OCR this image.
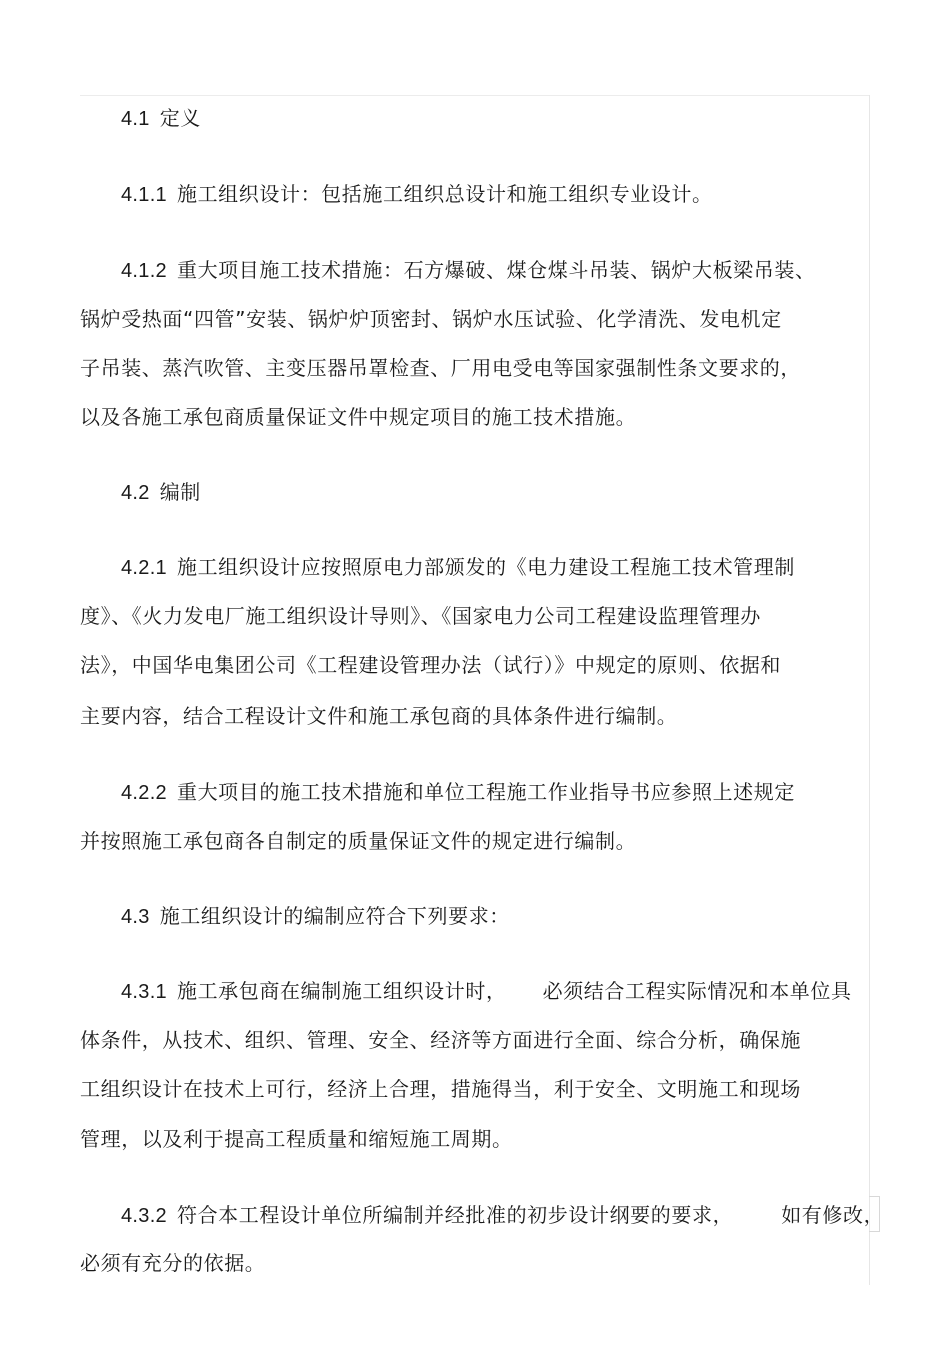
4.1 定义

4.1.1 施工组织设计：包括施工组织总设计和施工组织专业设计。

4.1.2 重大项目施工技术措施：石方爆破、煤仓煤斗吊装、锅炉大板梁吊装、

锅炉受热面“四管”安装、锅炉炉顶密封、锅炉水压试验、化学清洗、发电机定

子吊装、蒸汽吹管、主变压器吊罩检查、厂用电受电等国家强制性条文要求的，

以及各施工承包商质量保证文件中规定项目的施工技术措施。

4.2 编制

4.2.1 施工组织设计应按照原电力部颁发的《电力建设工程施工技术管理制

度》、《火力发电厂施工组织设计导则》、《国家电力公司工程建设监理管理办

法》，中国华电集团公司《工程建设管理办法（试行）》中规定的原则、依据和

主要内容，结合工程设计文件和施工承包商的具体条件进行编制。

4.2.2 重大项目的施工技术措施和单位工程施工作业指导书应参照上述规定

并按照施工承包商各自制定的质量保证文件的规定进行编制。

4.3 施工组织设计的编制应符合下列要求：

4.3.1 施工承包商在编制施工组织设计时， 必须结合工程实际情况和本单位具

体条件，从技术、组织、管理、安全、经济等方面进行全面、综合分析，确保施

工组织设计在技术上可行，经济上合理，措施得当，利于安全、文明施工和现场

管理，以及利于提高工程质量和缩短施工周期。

4.3.2 符合本工程设计单位所编制并经批准的初步设计纲要的要求， 如有修改，

必须有充分的依据。
